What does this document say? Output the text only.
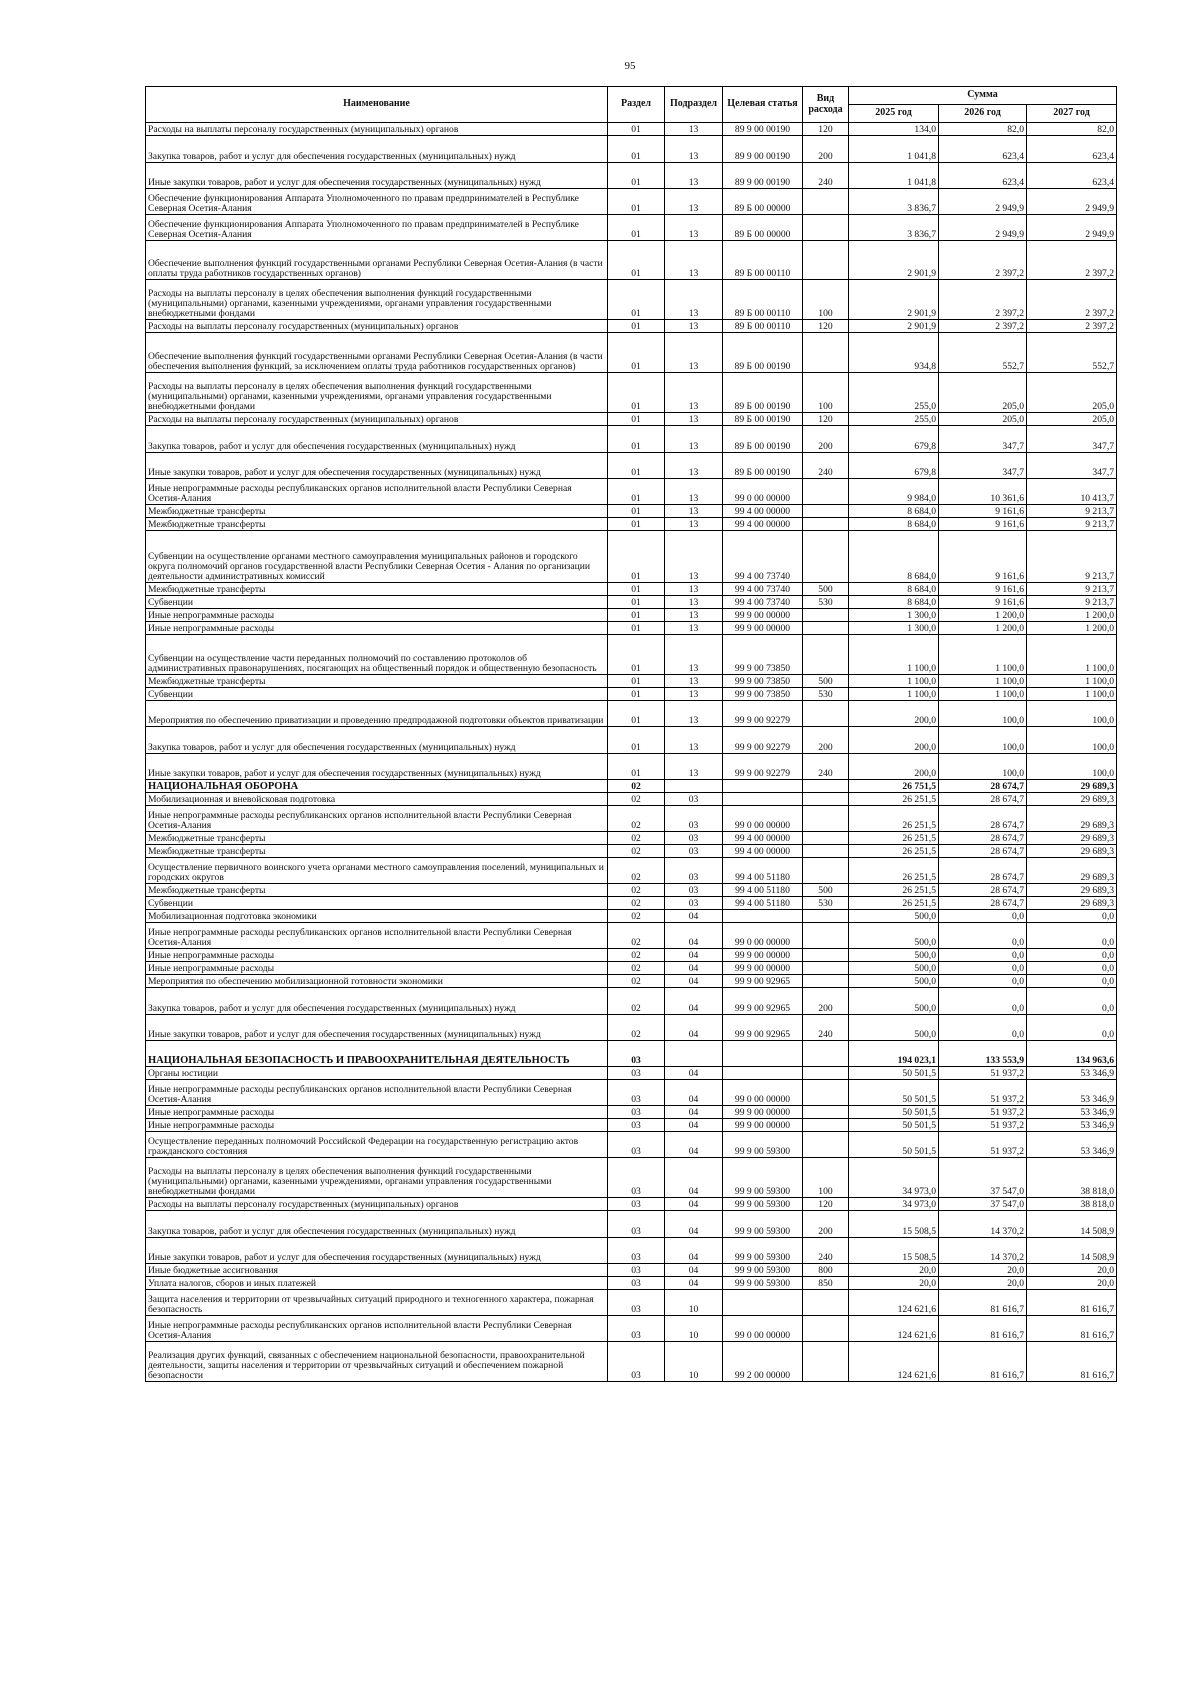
95
Наименование	Раздел	Подраздел	Целевая статья	Вид расхода	Сумма		
					2025 год	2026 год	2027 год
Расходы на выплаты персоналу государственных (муниципальных) органов	01	13	89 9 00 00190	120	134,0	82,0	82,0
Закупка товаров, работ и услуг для обеспечения государственных (муниципальных) нужд	01	13	89 9 00 00190	200	1 041,8	623,4	623,4
Иные закупки товаров, работ и услуг для обеспечения государственных (муниципальных) нужд	01	13	89 9 00 00190	240	1 041,8	623,4	623,4
Обеспечение функционирования Аппарата Уполномоченного по правам предпринимателей в Республике Северная Осетия-Алания	01	13	89 Б 00 00000		3 836,7	2 949,9	2 949,9
Обеспечение функционирования Аппарата Уполномоченного по правам предпринимателей в Республике Северная Осетия-Алания	01	13	89 Б 00 00000		3 836,7	2 949,9	2 949,9
Обеспечение выполнения функций государственными органами Республики Северная Осетия-Алания (в части оплаты труда работников государственных органов)	01	13	89 Б 00 00110		2 901,9	2 397,2	2 397,2
Расходы на выплаты персоналу в целях обеспечения выполнения функций государственными (муниципальными) органами, казенными учреждениями, органами управления государственными внебюджетными фондами	01	13	89 Б 00 00110	100	2 901,9	2 397,2	2 397,2
Расходы на выплаты персоналу государственных (муниципальных) органов	01	13	89 Б 00 00110	120	2 901,9	2 397,2	2 397,2
Обеспечение выполнения функций государственными органами Республики Северная Осетия-Алания (в части обеспечения выполнения функций, за исключением оплаты труда работников государственных органов)	01	13	89 Б 00 00190		934,8	552,7	552,7
Расходы на выплаты персоналу в целях обеспечения выполнения функций государственными (муниципальными) органами, казенными учреждениями, органами управления государственными внебюджетными фондами	01	13	89 Б 00 00190	100	255,0	205,0	205,0
Расходы на выплаты персоналу государственных (муниципальных) органов	01	13	89 Б 00 00190	120	255,0	205,0	205,0
Закупка товаров, работ и услуг для обеспечения государственных (муниципальных) нужд	01	13	89 Б 00 00190	200	679,8	347,7	347,7
Иные закупки товаров, работ и услуг для обеспечения государственных (муниципальных) нужд	01	13	89 Б 00 00190	240	679,8	347,7	347,7
Иные непрограммные расходы республиканских органов исполнительной власти Республики Северная Осетия-Алания	01	13	99 0 00 00000		9 984,0	10 361,6	10 413,7
Межбюджетные трансферты	01	13	99 4 00 00000		8 684,0	9 161,6	9 213,7
Межбюджетные трансферты	01	13	99 4 00 00000		8 684,0	9 161,6	9 213,7
Субвенции на осуществление органами местного самоуправления муниципальных районов и городского округа полномочий органов государственной власти Республики Северная Осетия - Алания по организации деятельности административных комиссий	01	13	99 4 00 73740		8 684,0	9 161,6	9 213,7
Межбюджетные трансферты	01	13	99 4 00 73740	500	8 684,0	9 161,6	9 213,7
Субвенции	01	13	99 4 00 73740	530	8 684,0	9 161,6	9 213,7
Иные непрограммные расходы	01	13	99 9 00 00000		1 300,0	1 200,0	1 200,0
Иные непрограммные расходы	01	13	99 9 00 00000		1 300,0	1 200,0	1 200,0
Субвенции на осуществление части переданных полномочий по составлению протоколов об административных правонарушениях, посягающих на общественный порядок и общественную безопасность	01	13	99 9 00 73850		1 100,0	1 100,0	1 100,0
Межбюджетные трансферты	01	13	99 9 00 73850	500	1 100,0	1 100,0	1 100,0
Субвенции	01	13	99 9 00 73850	530	1 100,0	1 100,0	1 100,0
Мероприятия по обеспечению приватизации и проведению предпродажной подготовки объектов приватизации	01	13	99 9 00 92279		200,0	100,0	100,0
Закупка товаров, работ и услуг для обеспечения государственных (муниципальных) нужд	01	13	99 9 00 92279	200	200,0	100,0	100,0
Иные закупки товаров, работ и услуг для обеспечения государственных (муниципальных) нужд	01	13	99 9 00 92279	240	200,0	100,0	100,0
НАЦИОНАЛЬНАЯ ОБОРОНА	02				26 751,5	28 674,7	29 689,3
Мобилизационная и вневойсковая подготовка	02	03			26 251,5	28 674,7	29 689,3
Иные непрограммные расходы республиканских органов исполнительной власти Республики Северная Осетия-Алания	02	03	99 0 00 00000		26 251,5	28 674,7	29 689,3
Межбюджетные трансферты	02	03	99 4 00 00000		26 251,5	28 674,7	29 689,3
Межбюджетные трансферты	02	03	99 4 00 00000		26 251,5	28 674,7	29 689,3
Осуществление первичного воинского учета органами местного самоуправления поселений, муниципальных и городских округов	02	03	99 4 00 51180		26 251,5	28 674,7	29 689,3
Межбюджетные трансферты	02	03	99 4 00 51180	500	26 251,5	28 674,7	29 689,3
Субвенции	02	03	99 4 00 51180	530	26 251,5	28 674,7	29 689,3
Мобилизационная подготовка экономики	02	04			500,0	0,0	0,0
Иные непрограммные расходы республиканских органов исполнительной власти Республики Северная Осетия-Алания	02	04	99 0 00 00000		500,0	0,0	0,0
Иные непрограммные расходы	02	04	99 9 00 00000		500,0	0,0	0,0
Иные непрограммные расходы	02	04	99 9 00 00000		500,0	0,0	0,0
Мероприятия по обеспечению мобилизационной готовности экономики	02	04	99 9 00 92965		500,0	0,0	0,0
Закупка товаров, работ и услуг для обеспечения государственных (муниципальных) нужд	02	04	99 9 00 92965	200	500,0	0,0	0,0
Иные закупки товаров, работ и услуг для обеспечения государственных (муниципальных) нужд	02	04	99 9 00 92965	240	500,0	0,0	0,0
НАЦИОНАЛЬНАЯ БЕЗОПАСНОСТЬ И ПРАВООХРАНИТЕЛЬНАЯ ДЕЯТЕЛЬНОСТЬ	03				194 023,1	133 553,9	134 963,6
Органы юстиции	03	04			50 501,5	51 937,2	53 346,9
Иные непрограммные расходы республиканских органов исполнительной власти Республики Северная Осетия-Алания	03	04	99 0 00 00000		50 501,5	51 937,2	53 346,9
Иные непрограммные расходы	03	04	99 9 00 00000		50 501,5	51 937,2	53 346,9
Иные непрограммные расходы	03	04	99 9 00 00000		50 501,5	51 937,2	53 346,9
Осуществление переданных полномочий Российской Федерации на государственную регистрацию актов гражданского состояния	03	04	99 9 00 59300		50 501,5	51 937,2	53 346,9
Расходы на выплаты персоналу в целях обеспечения выполнения функций государственными (муниципальными) органами, казенными учреждениями, органами управления государственными внебюджетными фондами	03	04	99 9 00 59300	100	34 973,0	37 547,0	38 818,0
Расходы на выплаты персоналу государственных (муниципальных) органов	03	04	99 9 00 59300	120	34 973,0	37 547,0	38 818,0
Закупка товаров, работ и услуг для обеспечения государственных (муниципальных) нужд	03	04	99 9 00 59300	200	15 508,5	14 370,2	14 508,9
Иные закупки товаров, работ и услуг для обеспечения государственных (муниципальных) нужд	03	04	99 9 00 59300	240	15 508,5	14 370,2	14 508,9
Иные бюджетные ассигнования	03	04	99 9 00 59300	800	20,0	20,0	20,0
Уплата налогов, сборов и иных платежей	03	04	99 9 00 59300	850	20,0	20,0	20,0
Защита населения и территории от чрезвычайных ситуаций природного и техногенного характера, пожарная безопасность	03	10			124 621,6	81 616,7	81 616,7
Иные непрограммные расходы республиканских органов исполнительной власти Республики Северная Осетия-Алания	03	10	99 0 00 00000		124 621,6	81 616,7	81 616,7
Реализация других функций, связанных с обеспечением национальной безопасности, правоохранительной деятельности, защиты населения и территории от чрезвычайных ситуаций и обеспечением пожарной безопасности	03	10	99 2 00 00000		124 621,6	81 616,7	81 616,7
